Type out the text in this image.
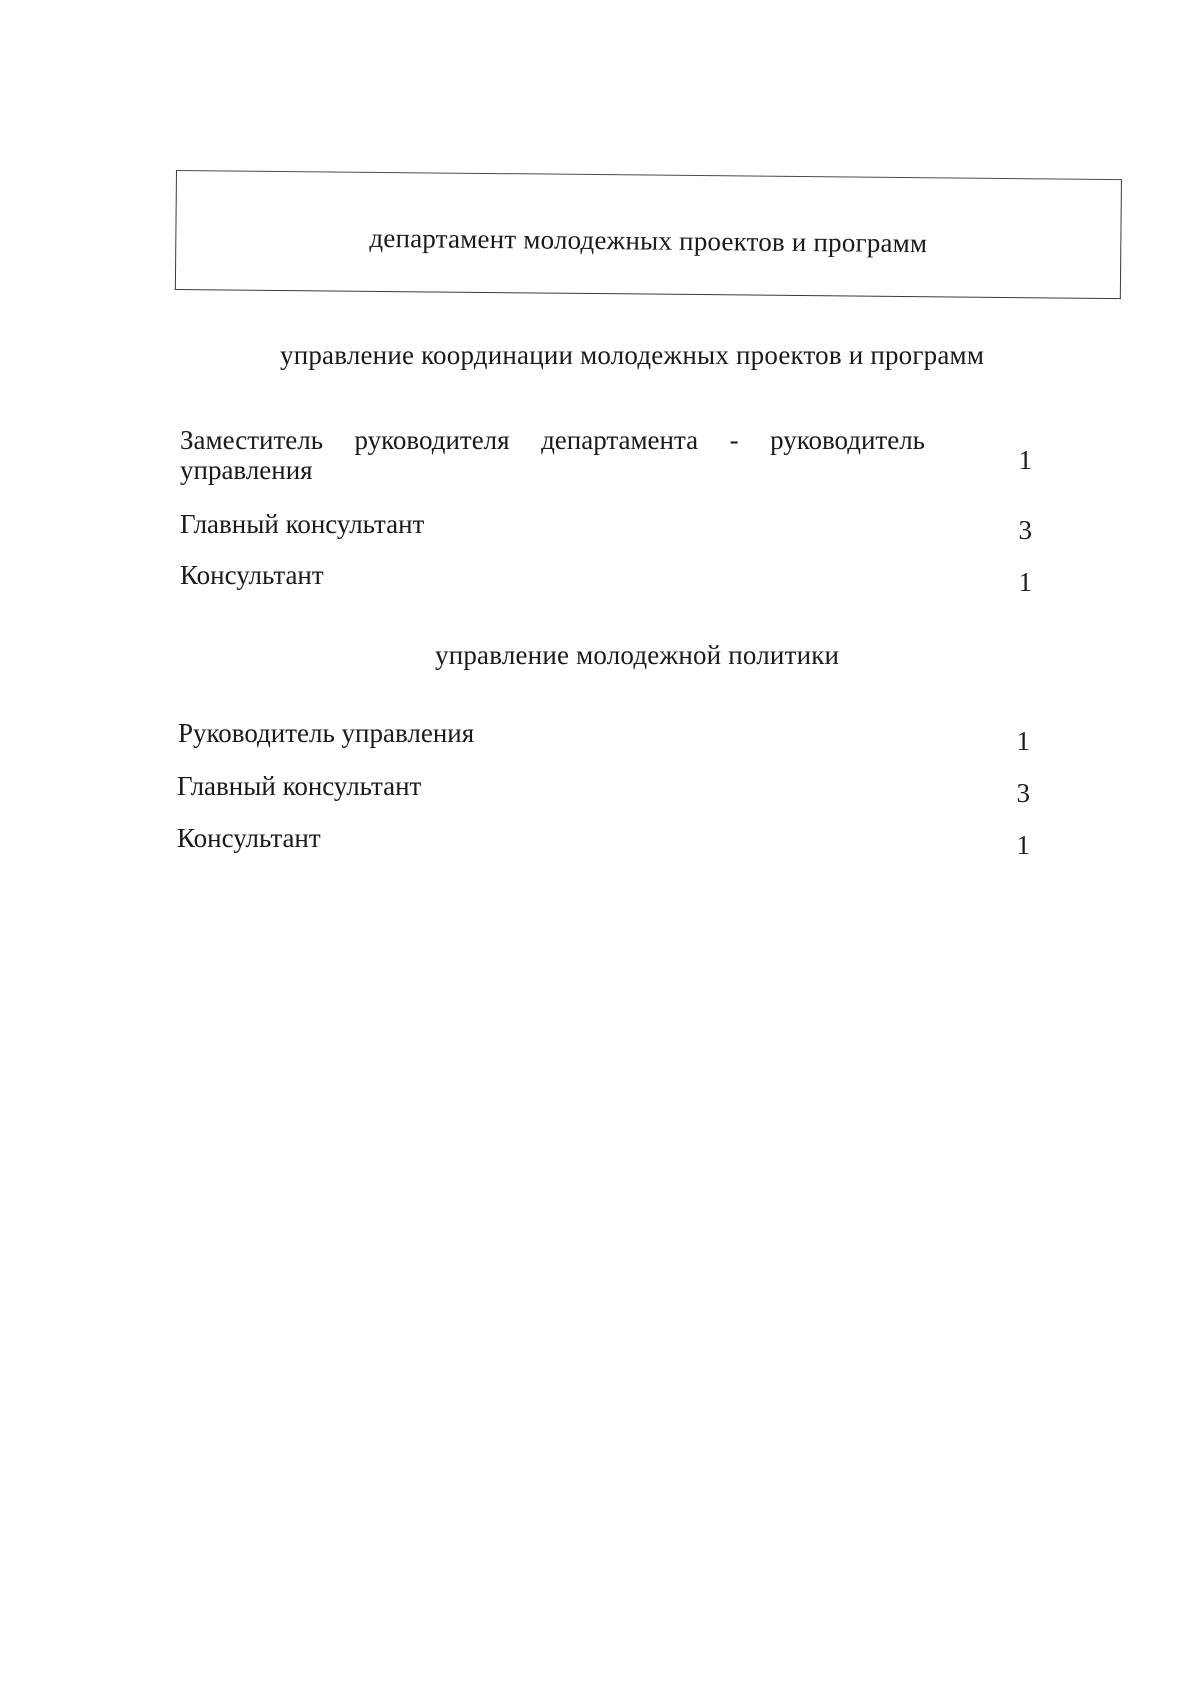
департамент молодежных проектов и программ
управление координации молодежных проектов и программ
Заместитель руководителя департамента - руководитель управления	1
Главный консультант	3
Консультант	1
управление молодежной политики
Руководитель управления	1
Главный консультант	3
Консультант	1
